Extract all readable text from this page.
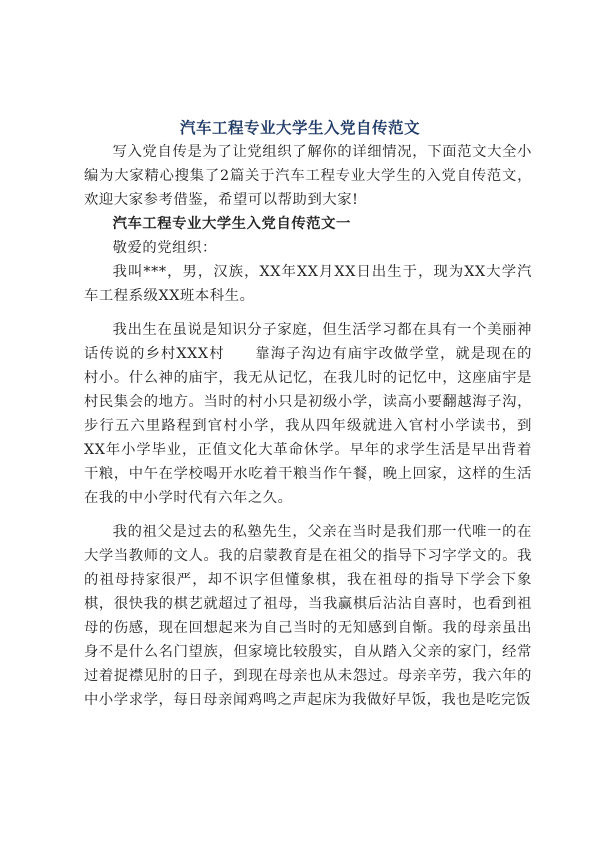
汽车工程专业大学生入党自传范文

写入党自传是为了让党组织了解你的详细情况，下面范文大全小编为大家精心搜集了2篇关于汽车工程专业大学生的入党自传范文，欢迎大家参考借鉴，希望可以帮助到大家!

汽车工程专业大学生入党自传范文一

敬爱的党组织：

我叫***，男，汉族，XX年XX月XX日出生于，现为XX大学汽车工程系级XX班本科生。

我出生在虽说是知识分子家庭，但生活学习都在具有一个美丽神话传说的乡村XXX村　　靠海子沟边有庙宇改做学堂，就是现在的村小。什么神的庙宇，我无从记忆，在我儿时的记忆中，这座庙宇是村民集会的地方。当时的村小只是初级小学，读高小要翻越海子沟，步行五六里路程到官村小学，我从四年级就进入官村小学读书，到XX年小学毕业，正值文化大革命休学。早年的求学生活是早出背着干粮，中午在学校喝开水吃着干粮当作午餐，晚上回家，这样的生活在我的中小学时代有六年之久。

我的祖父是过去的私塾先生，父亲在当时是我们那一代唯一的在大学当教师的文人。我的启蒙教育是在祖父的指导下习字学文的。我的祖母持家很严，却不识字但懂象棋，我在祖母的指导下学会下象棋，很快我的棋艺就超过了祖母，当我赢棋后沾沾自喜时，也看到祖母的伤感，现在回想起来为自己当时的无知感到自惭。我的母亲虽出身不是什么名门望族，但家境比较殷实，自从踏入父亲的家门，经常过着捉襟见肘的日子，到现在母亲也从未怨过。母亲辛劳，我六年的中小学求学，每日母亲闻鸡鸣之声起床为我做好早饭，我也是吃完饭
